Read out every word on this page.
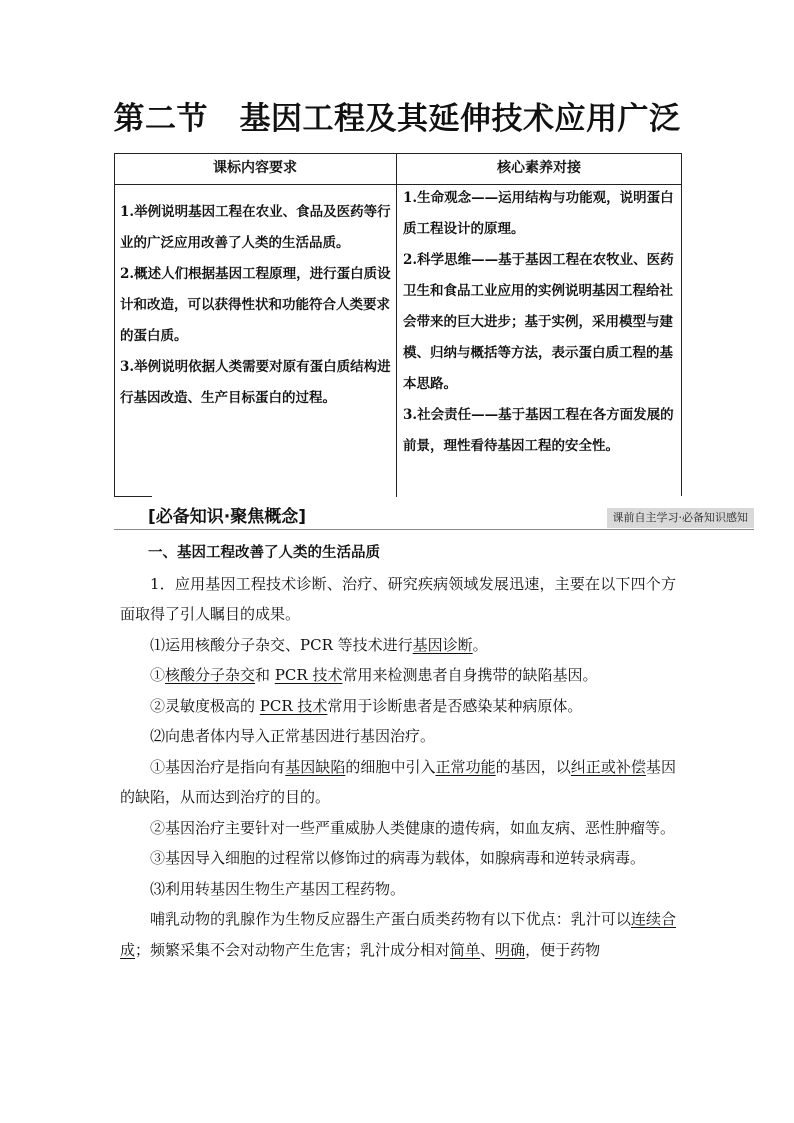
第二节　基因工程及其延伸技术应用广泛
课标内容要求	核心素养对接

1.举例说明基因工程在农业、食品及医药等行业的广泛应用改善了人类的生活品质。

2.概述人们根据基因工程原理，进行蛋白质设计和改造，可以获得性状和功能符合人类要求的蛋白质。

3.举例说明依据人类需要对原有蛋白质结构进行基因改造、生产目标蛋白的过程。

1.生命观念——运用结构与功能观，说明蛋白质工程设计的原理。

2.科学思维——基于基因工程在农牧业、医药卫生和食品工业应用的实例说明基因工程给社会带来的巨大进步；基于实例，采用模型与建模、归纳与概括等方法，表示蛋白质工程的基本思路。

3.社会责任——基于基因工程在各方面发展的前景，理性看待基因工程的安全性。

[必备知识·聚焦概念]	课前自主学习·必备知识感知

一、基因工程改善了人类的生活品质

1．应用基因工程技术诊断、治疗、研究疾病领域发展迅速，主要在以下四个方面取得了引人瞩目的成果。

⑴运用核酸分子杂交、PCR 等技术进行基因诊断。

①核酸分子杂交和 PCR 技术常用来检测患者自身携带的缺陷基因。

②灵敏度极高的 PCR 技术常用于诊断患者是否感染某种病原体。

⑵向患者体内导入正常基因进行基因治疗。

①基因治疗是指向有基因缺陷的细胞中引入正常功能的基因，以纠正或补偿基因的缺陷，从而达到治疗的目的。

②基因治疗主要针对一些严重威胁人类健康的遗传病，如血友病、恶性肿瘤等。

③基因导入细胞的过程常以修饰过的病毒为载体，如腺病毒和逆转录病毒。

⑶利用转基因生物生产基因工程药物。

哺乳动物的乳腺作为生物反应器生产蛋白质类药物有以下优点：乳汁可以连续合成；频繁采集不会对动物产生危害；乳汁成分相对简单、明确，便于药物
